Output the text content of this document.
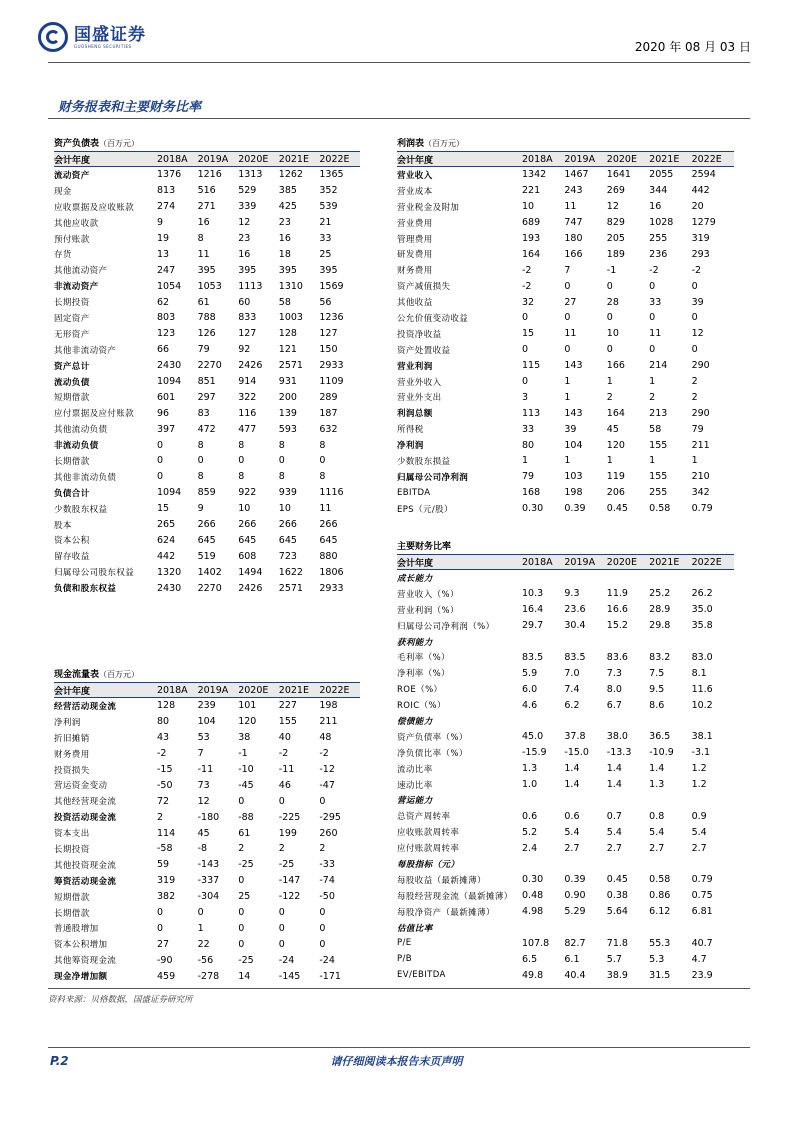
国盛证券
GUOSHENG SECURITIES	2020 年 08 月 03 日
财务报表和主要财务比率
资产负债表（百万元）
会计年度	2018A	2019A	2020E	2021E	2022E
流动资产	1376	1216	1313	1262	1365
现金	813	516	529	385	352
应收票据及应收账款	274	271	339	425	539
其他应收款	9	16	12	23	21
预付账款	19	8	23	16	33
存货	13	11	16	18	25
其他流动资产	247	395	395	395	395
非流动资产	1054	1053	1113	1310	1569
长期投资	62	61	60	58	56
固定资产	803	788	833	1003	1236
无形资产	123	126	127	128	127
其他非流动资产	66	79	92	121	150
资产总计	2430	2270	2426	2571	2933
流动负债	1094	851	914	931	1109
短期借款	601	297	322	200	289
应付票据及应付账款	96	83	116	139	187
其他流动负债	397	472	477	593	632
非流动负债	0	8	8	8	8
长期借款	0	0	0	0	0
其他非流动负债	0	8	8	8	8
负债合计	1094	859	922	939	1116
少数股东权益	15	9	10	10	11
股本	265	266	266	266	266
资本公积	624	645	645	645	645
留存收益	442	519	608	723	880
归属母公司股东权益	1320	1402	1494	1622	1806
负债和股东权益	2430	2270	2426	2571	2933
利润表（百万元）
会计年度	2018A	2019A	2020E	2021E	2022E
营业收入	1342	1467	1641	2055	2594
营业成本	221	243	269	344	442
营业税金及附加	10	11	12	16	20
营业费用	689	747	829	1028	1279
管理费用	193	180	205	255	319
研发费用	164	166	189	236	293
财务费用	-2	7	-1	-2	-2
资产减值损失	-2	0	0	0	0
其他收益	32	27	28	33	39
公允价值变动收益	0	0	0	0	0
投资净收益	15	11	10	11	12
资产处置收益	0	0	0	0	0
营业利润	115	143	166	214	290
营业外收入	0	1	1	1	2
营业外支出	3	1	2	2	2
利润总额	113	143	164	213	290
所得税	33	39	45	58	79
净利润	80	104	120	155	211
少数股东损益	1	1	1	1	1
归属母公司净利润	79	103	119	155	210
EBITDA	168	198	206	255	342
EPS（元/股）	0.30	0.39	0.45	0.58	0.79
主要财务比率
会计年度	2018A	2019A	2020E	2021E	2022E
成长能力					
营业收入（%）	10.3	9.3	11.9	25.2	26.2
营业利润（%）	16.4	23.6	16.6	28.9	35.0
归属母公司净利润（%）	29.7	30.4	15.2	29.8	35.8
获利能力					
毛利率（%）	83.5	83.5	83.6	83.2	83.0
净利率（%）	5.9	7.0	7.3	7.5	8.1
ROE（%）	6.0	7.4	8.0	9.5	11.6
ROIC（%）	4.6	6.2	6.7	8.6	10.2
偿债能力					
资产负债率（%）	45.0	37.8	38.0	36.5	38.1
净负债比率（%）	-15.9	-15.0	-13.3	-10.9	-3.1
流动比率	1.3	1.4	1.4	1.4	1.2
速动比率	1.0	1.4	1.4	1.3	1.2
营运能力					
总资产周转率	0.6	0.6	0.7	0.8	0.9
应收账款周转率	5.2	5.4	5.4	5.4	5.4
应付账款周转率	2.4	2.7	2.7	2.7	2.7
每股指标（元）					
每股收益（最新摊薄）	0.30	0.39	0.45	0.58	0.79
每股经营现金流（最新摊薄）	0.48	0.90	0.38	0.86	0.75
每股净资产（最新摊薄）	4.98	5.29	5.64	6.12	6.81
估值比率					
P/E	107.8	82.7	71.8	55.3	40.7
P/B	6.5	6.1	5.7	5.3	4.7
EV/EBITDA	49.8	40.4	38.9	31.5	23.9
现金流量表（百万元）
会计年度	2018A	2019A	2020E	2021E	2022E
经营活动现金流	128	239	101	227	198
净利润	80	104	120	155	211
折旧摊销	43	53	38	40	48
财务费用	-2	7	-1	-2	-2
投资损失	-15	-11	-10	-11	-12
营运资金变动	-50	73	-45	46	-47
其他经营现金流	72	12	0	0	0
投资活动现金流	2	-180	-88	-225	-295
资本支出	114	45	61	199	260
长期投资	-58	-8	2	2	2
其他投资现金流	59	-143	-25	-25	-33
筹资活动现金流	319	-337	0	-147	-74
短期借款	382	-304	25	-122	-50
长期借款	0	0	0	0	0
普通股增加	0	1	0	0	0
资本公积增加	27	22	0	0	0
其他筹资现金流	-90	-56	-25	-24	-24
现金净增加额	459	-278	14	-145	-171
资料来源：贝格数据，国盛证券研究所
请仔细阅读本报告末页声明
P.2
